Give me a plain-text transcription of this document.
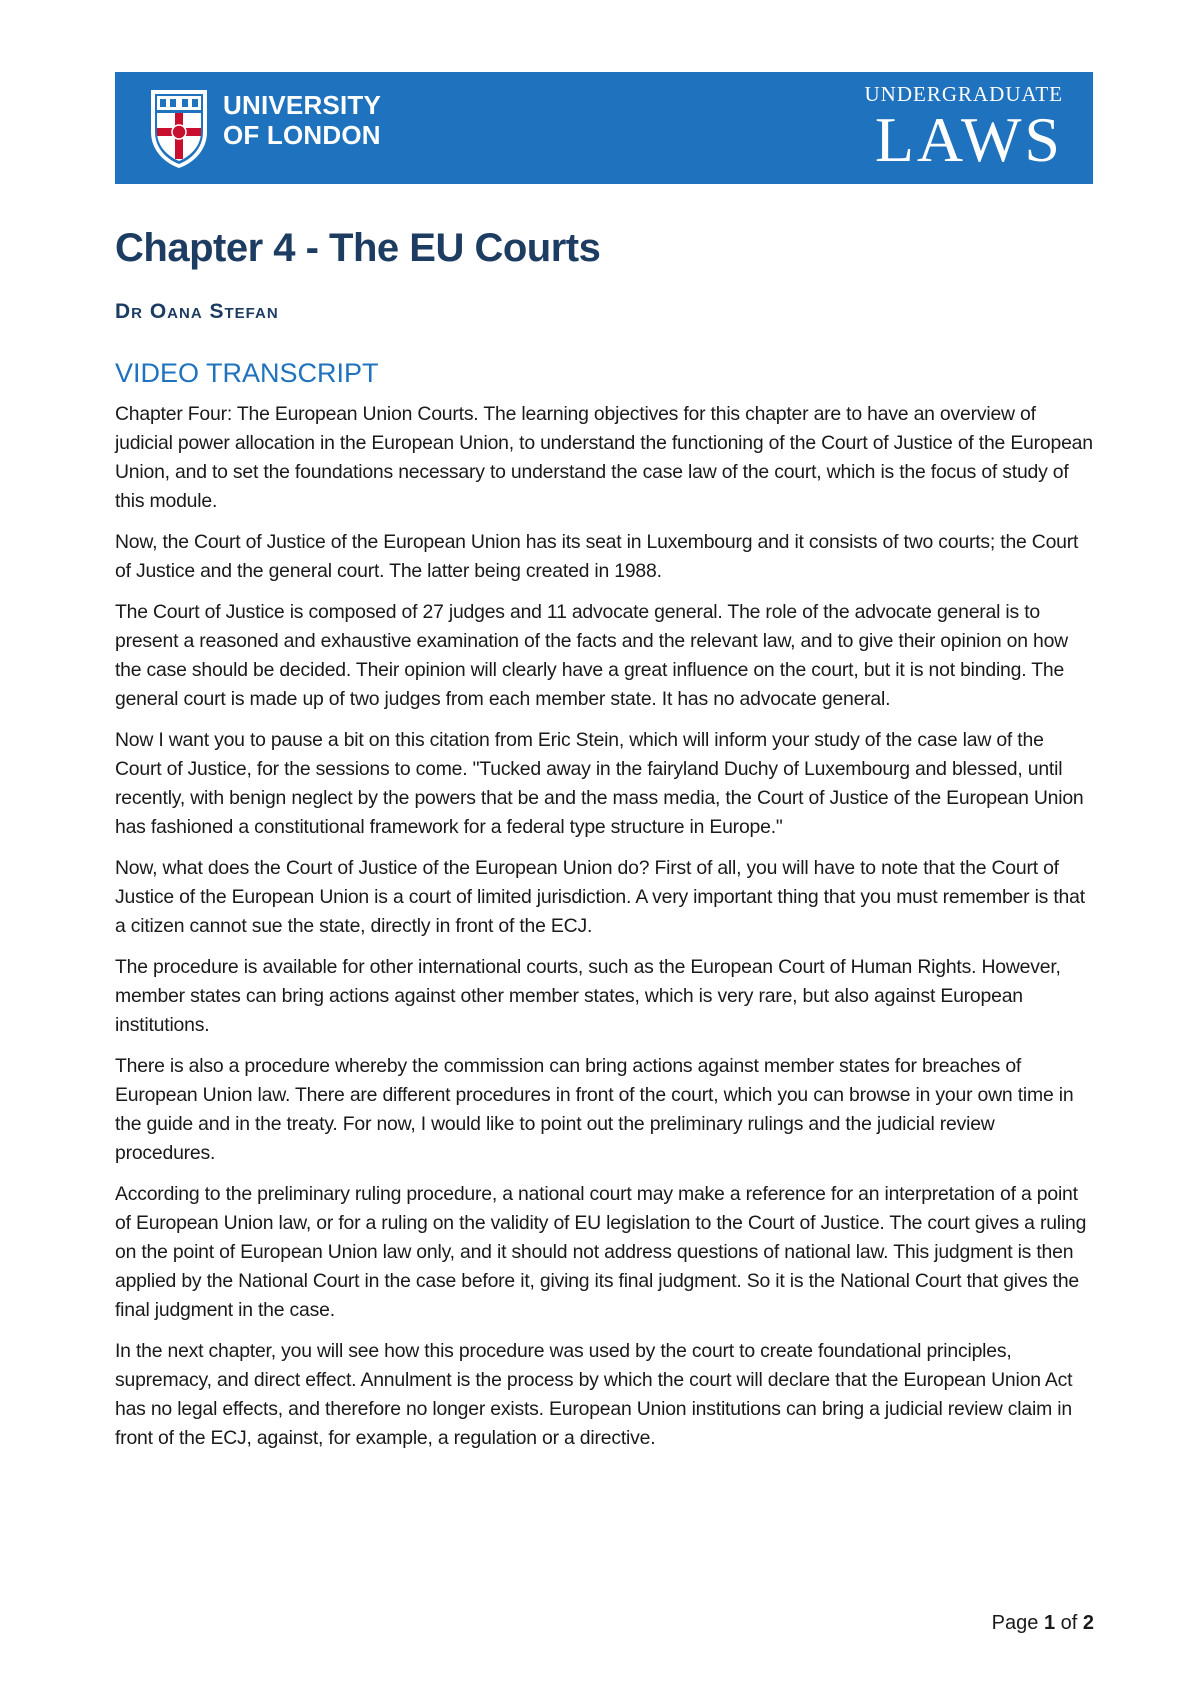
UNIVERSITY
OF LONDON
UNDERGRADUATE
LAWS
Chapter 4 - The EU Courts
Dr Oana Stefan
VIDEO TRANSCRIPT

Chapter Four: The European Union Courts. The learning objectives for this chapter are to have an overview of judicial power allocation in the European Union, to understand the functioning of the Court of Justice of the European Union, and to set the foundations necessary to understand the case law of the court, which is the focus of study of this module.

Now, the Court of Justice of the European Union has its seat in Luxembourg and it consists of two courts; the Court of Justice and the general court. The latter being created in 1988.

The Court of Justice is composed of 27 judges and 11 advocate general. The role of the advocate general is to present a reasoned and exhaustive examination of the facts and the relevant law, and to give their opinion on how the case should be decided. Their opinion will clearly have a great influence on the court, but it is not binding. The general court is made up of two judges from each member state. It has no advocate general.

Now I want you to pause a bit on this citation from Eric Stein, which will inform your study of the case law of the Court of Justice, for the sessions to come. "Tucked away in the fairyland Duchy of Luxembourg and blessed, until recently, with benign neglect by the powers that be and the mass media, the Court of Justice of the European Union has fashioned a constitutional framework for a federal type structure in Europe."

Now, what does the Court of Justice of the European Union do? First of all, you will have to note that the Court of Justice of the European Union is a court of limited jurisdiction. A very important thing that you must remember is that a citizen cannot sue the state, directly in front of the ECJ.

The procedure is available for other international courts, such as the European Court of Human Rights. However, member states can bring actions against other member states, which is very rare, but also against European institutions.

There is also a procedure whereby the commission can bring actions against member states for breaches of European Union law. There are different procedures in front of the court, which you can browse in your own time in the guide and in the treaty. For now, I would like to point out the preliminary rulings and the judicial review procedures.

According to the preliminary ruling procedure, a national court may make a reference for an interpretation of a point of European Union law, or for a ruling on the validity of EU legislation to the Court of Justice. The court gives a ruling on the point of European Union law only, and it should not address questions of national law. This judgment is then applied by the National Court in the case before it, giving its final judgment. So it is the National Court that gives the final judgment in the case.

In the next chapter, you will see how this procedure was used by the court to create foundational principles, supremacy, and direct effect. Annulment is the process by which the court will declare that the European Union Act has no legal effects, and therefore no longer exists. European Union institutions can bring a judicial review claim in front of the ECJ, against, for example, a regulation or a directive.

Page 1 of 2
